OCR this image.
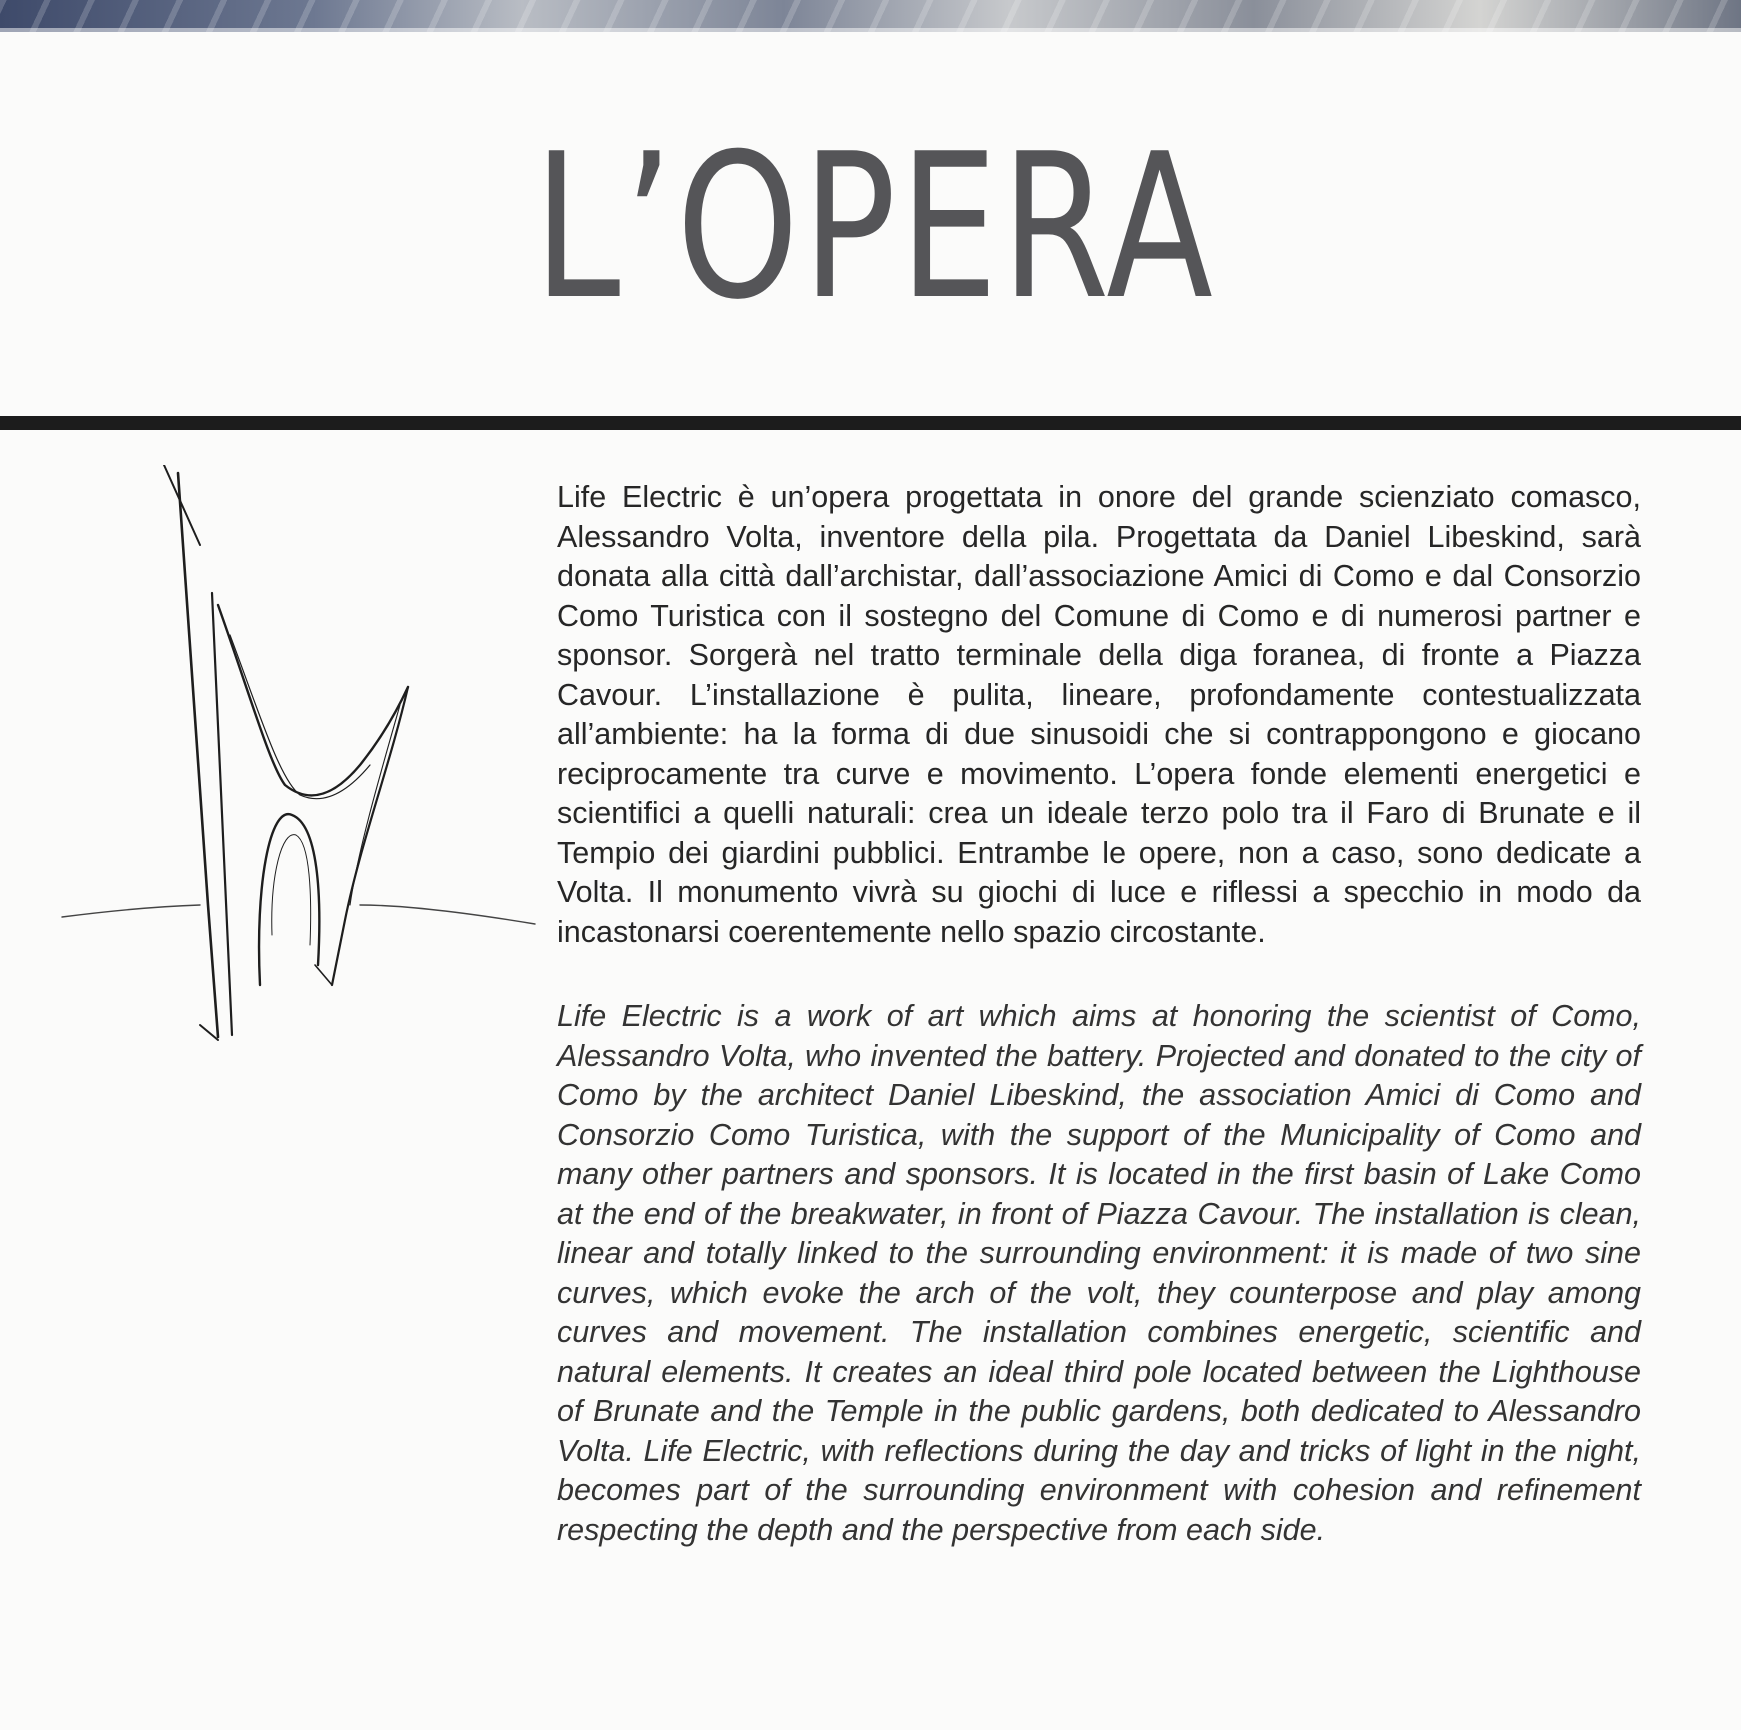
L’OPERA

Life Electric è un’opera progettata in onore del grande scienziato comasco, Alessandro Volta, inventore della pila. Progettata da Daniel Libeskind, sarà donata alla città dall’archistar, dall’associazione Amici di Como e dal Consorzio Como Turistica con il sostegno del Comune di Como e di numerosi partner e sponsor. Sorgerà nel tratto terminale della diga foranea, di fronte a Piazza Cavour. L’installazione è pulita, lineare, profondamente contestualizzata all’ambiente: ha la forma di due sinusoidi che si contrappongono e giocano reciprocamente tra curve e movimento. L’opera fonde elementi energetici e scientifici a quelli naturali: crea un ideale terzo polo tra il Faro di Brunate e il Tempio dei giardini pubblici. Entrambe le opere, non a caso, sono dedicate a Volta. Il monumento vivrà su giochi di luce e riflessi a specchio in modo da incastonarsi coerentemente nello spazio circostante.

Life Electric is a work of art which aims at honoring the scientist of Como, Alessandro Volta, who invented the battery. Projected and donated to the city of Como by the architect Daniel Libeskind, the association Amici di Como and Consorzio Como Turistica, with the support of the Municipality of Como and many other partners and sponsors. It is located in the first basin of Lake Como at the end of the breakwater, in front of Piazza Cavour. The installation is clean, linear and totally linked to the surrounding environment: it is made of two sine curves, which evoke the arch of the volt, they counterpose and play among curves and movement. The installation combines energetic, scientific and natural elements. It creates an ideal third pole located between the Lighthouse of Brunate and the Temple in the public gardens, both dedicated to Alessandro Volta. Life Electric, with reflections during the day and tricks of light in the night, becomes part of the surrounding environment with cohesion and refinement respecting the depth and the perspective from each side.
